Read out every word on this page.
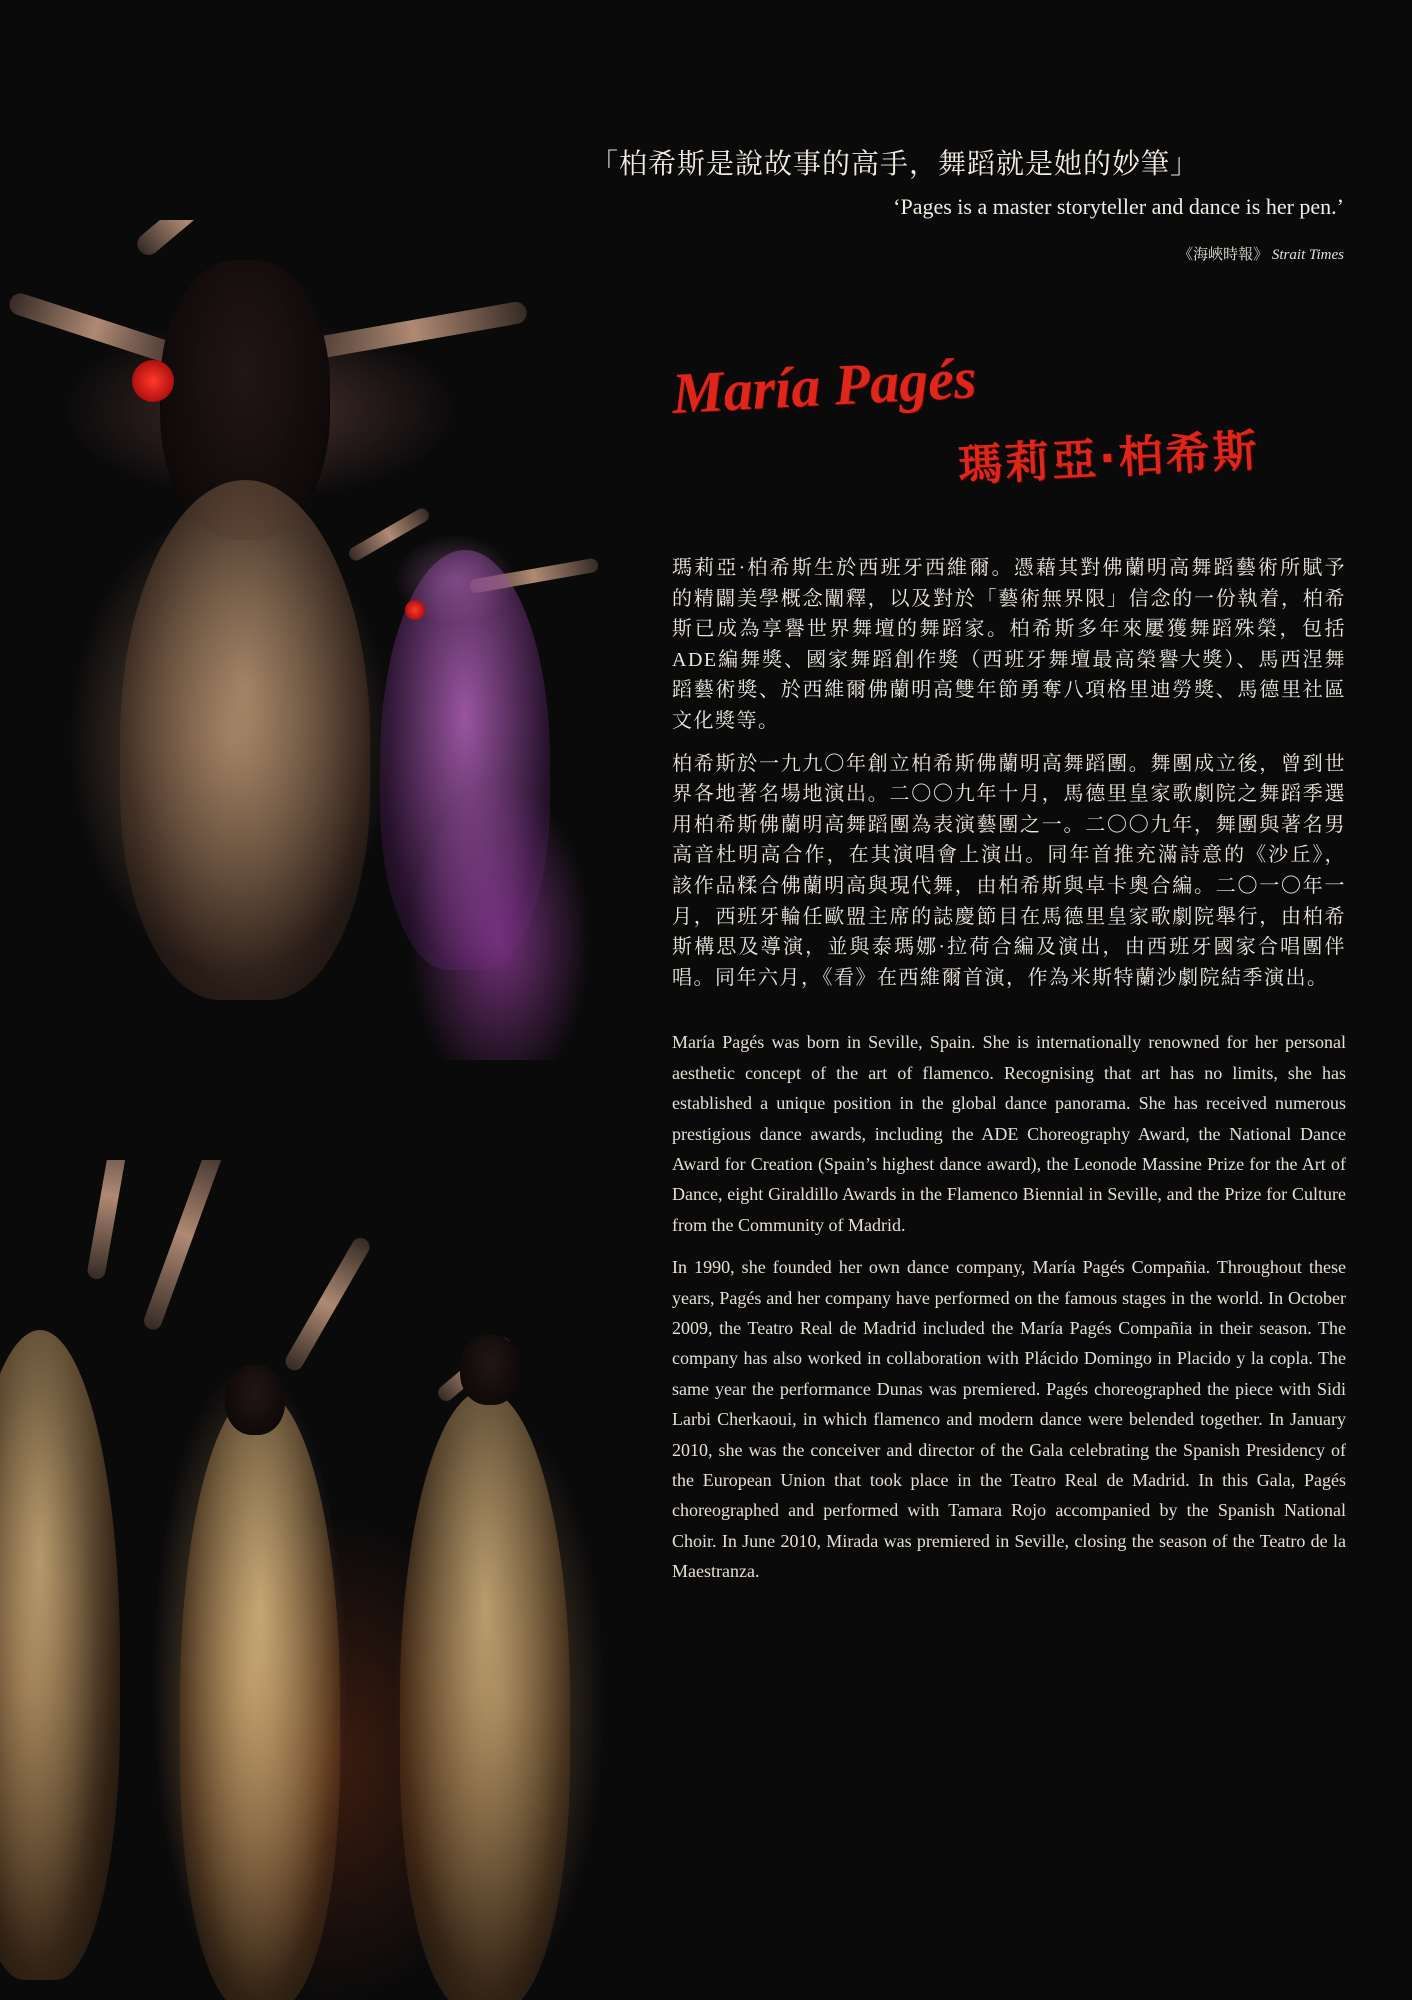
「柏希斯是說故事的高手，舞蹈就是她的妙筆」
‘Pages is a master storyteller and dance is her pen.’
《海峽時報》 Strait Times
María Pagés
瑪莉亞·柏希斯

瑪莉亞·柏希斯生於西班牙西維爾。憑藉其對佛蘭明高舞蹈藝術所賦予的精闢美學概念闡釋，以及對於「藝術無界限」信念的一份執着，柏希斯已成為享譽世界舞壇的舞蹈家。柏希斯多年來屢獲舞蹈殊榮，包括ADE編舞獎、國家舞蹈創作獎（西班牙舞壇最高榮譽大獎）、馬西涅舞蹈藝術獎、於西維爾佛蘭明高雙年節勇奪八項格里迪勞獎、馬德里社區文化獎等。

柏希斯於一九九〇年創立柏希斯佛蘭明高舞蹈團。舞團成立後，曾到世界各地著名場地演出。二〇〇九年十月，馬德里皇家歌劇院之舞蹈季選用柏希斯佛蘭明高舞蹈團為表演藝團之一。二〇〇九年，舞團與著名男高音杜明高合作，在其演唱會上演出。同年首推充滿詩意的《沙丘》，該作品糅合佛蘭明高與現代舞，由柏希斯與卓卡奧合編。二〇一〇年一月，西班牙輪任歐盟主席的誌慶節目在馬德里皇家歌劇院舉行，由柏希斯構思及導演，並與泰瑪娜·拉荷合編及演出，由西班牙國家合唱團伴唱。同年六月，《看》在西維爾首演，作為米斯特蘭沙劇院結季演出。

María Pagés was born in Seville, Spain. She is internationally renowned for her personal aesthetic concept of the art of flamenco. Recognising that art has no limits, she has established a unique position in the global dance panorama. She has received numerous prestigious dance awards, including the ADE Choreography Award, the National Dance Award for Creation (Spain’s highest dance award), the Leonode Massine Prize for the Art of Dance, eight Giraldillo Awards in the Flamenco Biennial in Seville, and the Prize for Culture from the Community of Madrid.

In 1990, she founded her own dance company, María Pagés Compañia. Throughout these years, Pagés and her company have performed on the famous stages in the world. In October 2009, the Teatro Real de Madrid included the María Pagés Compañia in their season. The company has also worked in collaboration with Plácido Domingo in Placido y la copla. The same year the performance Dunas was premiered. Pagés choreographed the piece with Sidi Larbi Cherkaoui, in which flamenco and modern dance were belended together. In January 2010, she was the conceiver and director of the Gala celebrating the Spanish Presidency of the European Union that took place in the Teatro Real de Madrid. In this Gala, Pagés choreographed and performed with Tamara Rojo accompanied by the Spanish National Choir. In June 2010, Mirada was premiered in Seville, closing the season of the Teatro de la Maestranza.
